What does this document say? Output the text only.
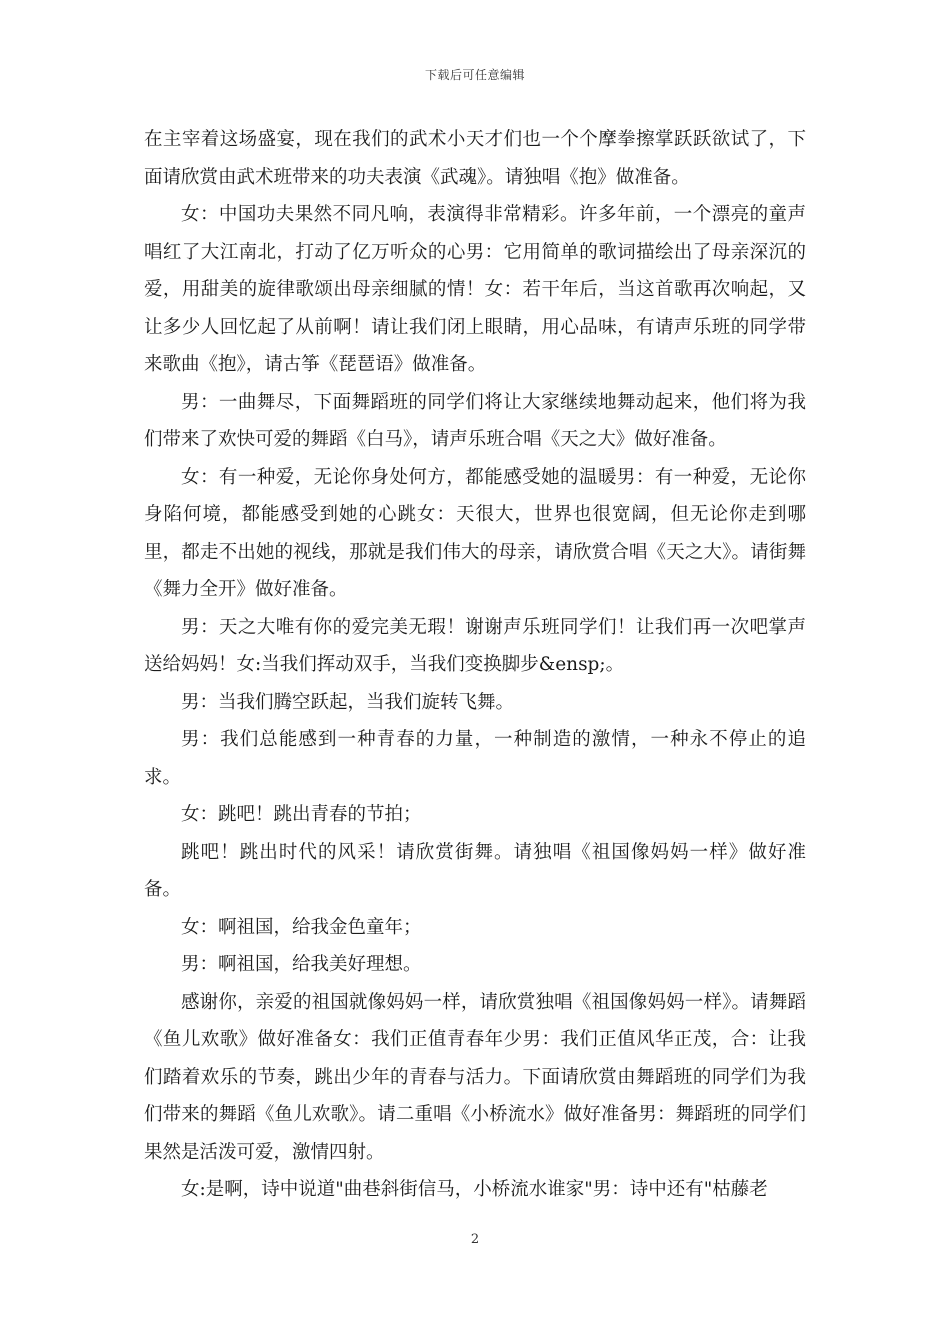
下载后可任意编辑

在主宰着这场盛宴，现在我们的武术小天才们也一个个摩拳擦掌跃跃欲试了，下面请欣赏由武术班带来的功夫表演《武魂》。请独唱《抱》做准备。

女：中国功夫果然不同凡响，表演得非常精彩。许多年前，一个漂亮的童声唱红了大江南北，打动了亿万听众的心男：它用简单的歌词描绘出了母亲深沉的爱，用甜美的旋律歌颂出母亲细腻的情！女：若干年后，当这首歌再次响起，又让多少人回忆起了从前啊！请让我们闭上眼睛，用心品味，有请声乐班的同学带来歌曲《抱》，请古筝《琵琶语》做准备。

男：一曲舞尽，下面舞蹈班的同学们将让大家继续地舞动起来，他们将为我们带来了欢快可爱的舞蹈《白马》，请声乐班合唱《天之大》做好准备。

女：有一种爱，无论你身处何方，都能感受她的温暖男：有一种爱，无论你身陷何境，都能感受到她的心跳女：天很大，世界也很宽阔，但无论你走到哪里，都走不出她的视线，那就是我们伟大的母亲，请欣赏合唱《天之大》。请街舞《舞力全开》做好准备。

男：天之大唯有你的爱完美无瑕！谢谢声乐班同学们！让我们再一次吧掌声送给妈妈！女:当我们挥动双手，当我们变换脚步&ensp;。

男：当我们腾空跃起，当我们旋转飞舞。

男：我们总能感到一种青春的力量，一种制造的激情，一种永不停止的追求。

女：跳吧！跳出青春的节拍；

跳吧！跳出时代的风采！请欣赏街舞。请独唱《祖国像妈妈一样》做好准备。

女：啊祖国，给我金色童年；

男：啊祖国，给我美好理想。

感谢你，亲爱的祖国就像妈妈一样，请欣赏独唱《祖国像妈妈一样》。请舞蹈《鱼儿欢歌》做好准备女：我们正值青春年少男：我们正值风华正茂，合：让我们踏着欢乐的节奏，跳出少年的青春与活力。下面请欣赏由舞蹈班的同学们为我们带来的舞蹈《鱼儿欢歌》。请二重唱《小桥流水》做好准备男：舞蹈班的同学们果然是活泼可爱，激情四射。

女:是啊，诗中说道"曲巷斜街信马，小桥流水谁家"男：诗中还有"枯藤老

2
